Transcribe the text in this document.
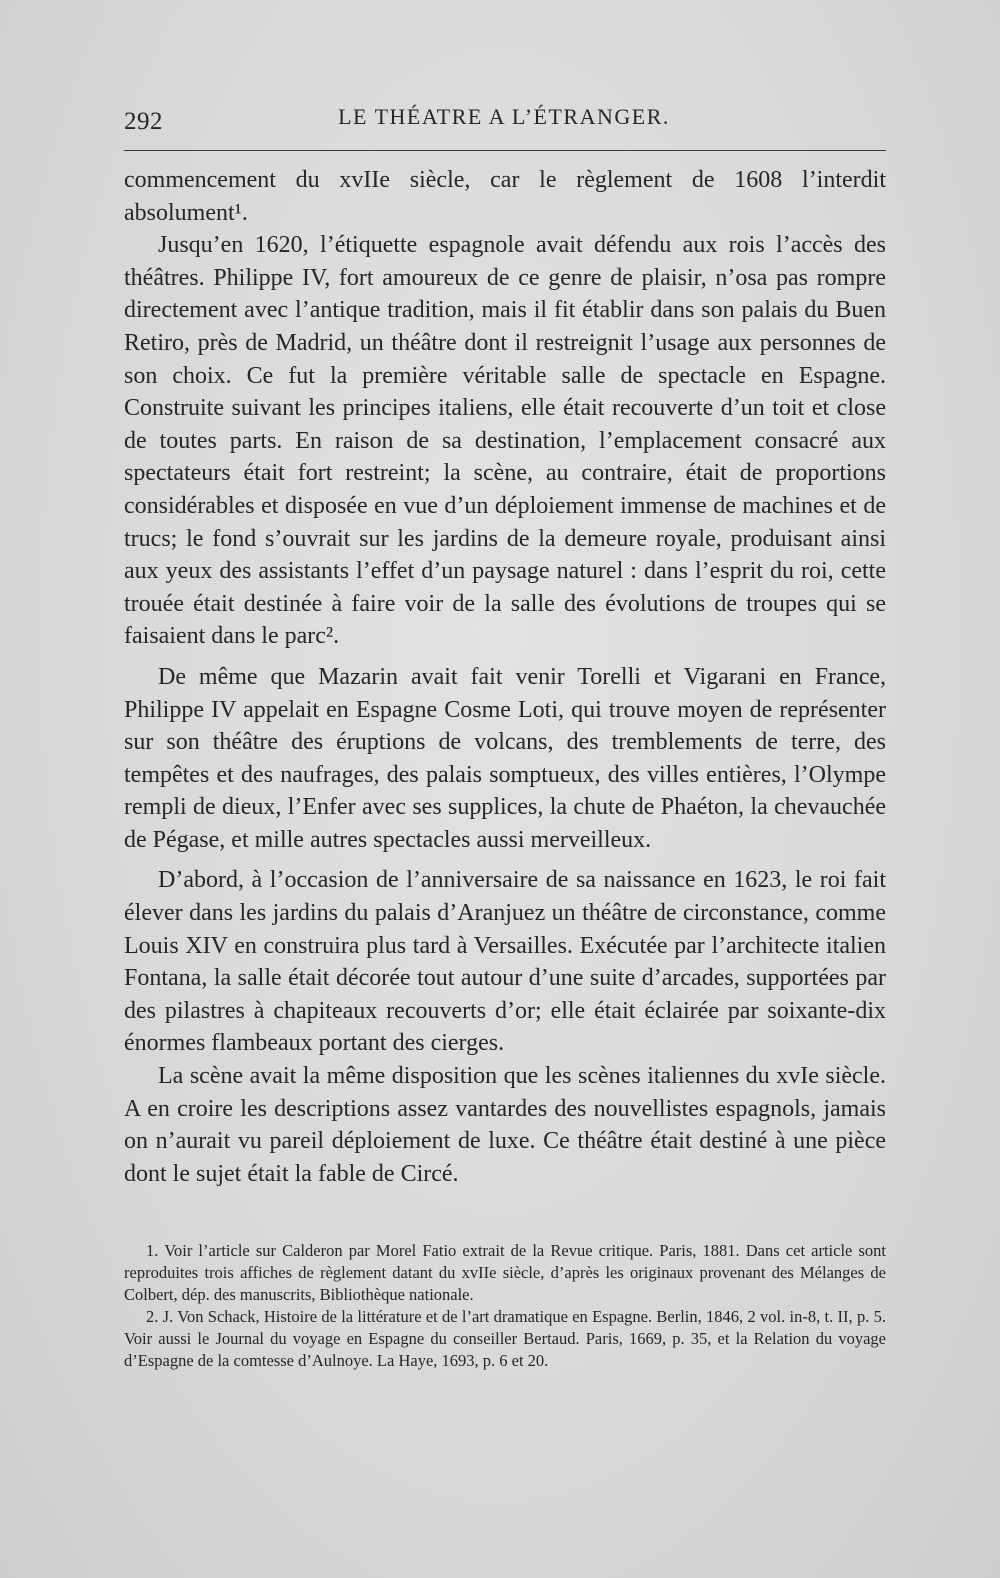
292	LE THÉATRE A L’ÉTRANGER.

commencement du xvIIe siècle, car le règlement de 1608 l’interdit absolument¹.

Jusqu’en 1620, l’étiquette espagnole avait défendu aux rois l’accès des théâtres. Philippe IV, fort amoureux de ce genre de plaisir, n’osa pas rompre directement avec l’antique tradition, mais il fit établir dans son palais du Buen Retiro, près de Madrid, un théâtre dont il restreignit l’usage aux personnes de son choix. Ce fut la première véritable salle de spectacle en Espagne. Construite suivant les principes italiens, elle était recouverte d’un toit et close de toutes parts. En raison de sa destination, l’emplacement consacré aux spectateurs était fort restreint; la scène, au contraire, était de proportions considérables et disposée en vue d’un déploiement immense de machines et de trucs; le fond s’ouvrait sur les jardins de la demeure royale, produisant ainsi aux yeux des assistants l’effet d’un paysage naturel : dans l’esprit du roi, cette trouée était destinée à faire voir de la salle des évolutions de troupes qui se faisaient dans le parc².

De même que Mazarin avait fait venir Torelli et Vigarani en France, Philippe IV appelait en Espagne Cosme Loti, qui trouve moyen de représenter sur son théâtre des éruptions de volcans, des tremblements de terre, des tempêtes et des naufrages, des palais somptueux, des villes entières, l’Olympe rempli de dieux, l’Enfer avec ses supplices, la chute de Phaéton, la chevauchée de Pégase, et mille autres spectacles aussi merveilleux.

D’abord, à l’occasion de l’anniversaire de sa naissance en 1623, le roi fait élever dans les jardins du palais d’Aranjuez un théâtre de circonstance, comme Louis XIV en construira plus tard à Versailles. Exécutée par l’architecte italien Fontana, la salle était décorée tout autour d’une suite d’arcades, supportées par des pilastres à chapiteaux recouverts d’or; elle était éclairée par soixante-dix énormes flambeaux portant des cierges.

La scène avait la même disposition que les scènes italiennes du xvIe siècle. A en croire les descriptions assez vantardes des nouvellistes espagnols, jamais on n’aurait vu pareil déploiement de luxe. Ce théâtre était destiné à une pièce dont le sujet était la fable de Circé.

1. Voir l’article sur Calderon par Morel Fatio extrait de la Revue critique. Paris, 1881. Dans cet article sont reproduites trois affiches de règlement datant du xvIIe siècle, d’après les originaux provenant des Mélanges de Colbert, dép. des manuscrits, Bibliothèque nationale.

2. J. Von Schack, Histoire de la littérature et de l’art dramatique en Espagne. Berlin, 1846, 2 vol. in-8, t. II, p. 5. Voir aussi le Journal du voyage en Espagne du conseiller Bertaud. Paris, 1669, p. 35, et la Relation du voyage d’Espagne de la comtesse d’Aulnoye. La Haye, 1693, p. 6 et 20.
